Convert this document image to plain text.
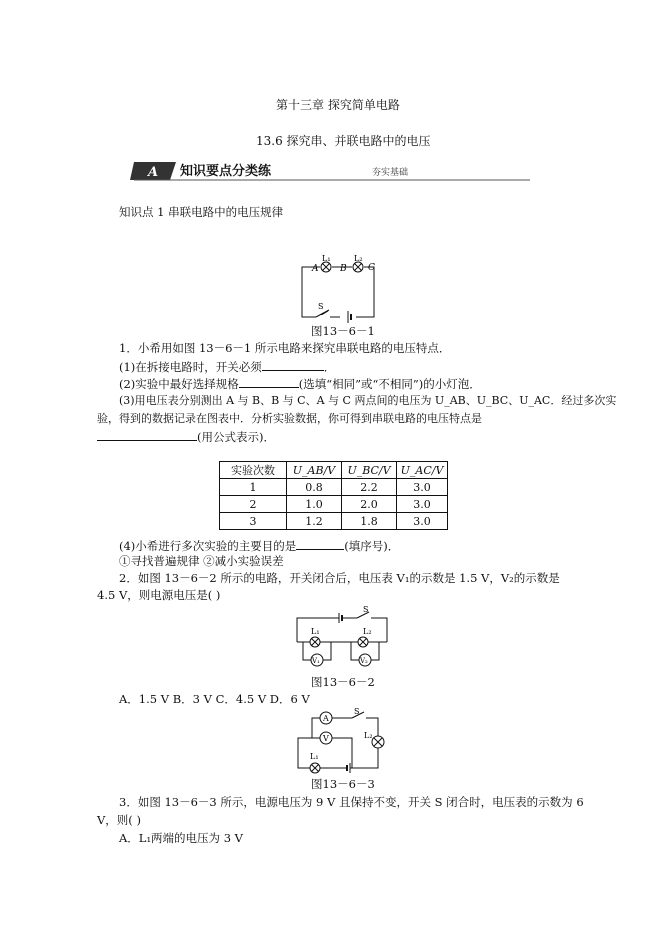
第十三章 探究简单电路
13.6 探究串、并联电路中的电压
A 知识要点分类练	夯实基础
知识点 1 串联电路中的电压规律
A B C
L₁	L₂
S
图13－6－1
1．小希用如图 13－6－1 所示电路来探究串联电路的电压特点．
(1)在拆接电路时，开关必须	．
(2)实验中最好选择规格	(选填“相同”或“不相同”)的小灯泡．
(3)用电压表分别测出 A 与 B、B 与 C、A 与 C 两点间的电压为 U_AB、U_BC、U_AC．经过多次实
验，得到的数据记录在图表中．分析实验数据，你可得到串联电路的电压特点是
(用公式表示)．
实验次数	U_AB/V	U_BC/V	U_AC/V
1	0.8	2.2	3.0
2	1.0	2.0	3.0
3	1.2	1.8	3.0
(4)小希进行多次实验的主要目的是	(填序号)．
①寻找普遍规律 ②减小实验误差
2．如图 13－6－2 所示的电路，开关闭合后，电压表 V₁的示数是 1.5 V，V₂的示数是
4.5 V，则电源电压是( )
S
L₁	L₂
V₁	V₂
图13－6－2
A．1.5 V B．3 V C．4.5 V D．6 V
A
V
S
L₁
L₂
图13－6－3
3．如图 13－6－3 所示，电源电压为 9 V 且保持不变，开关 S 闭合时，电压表的示数为 6
V，则( )
A．L₁两端的电压为 3 V
